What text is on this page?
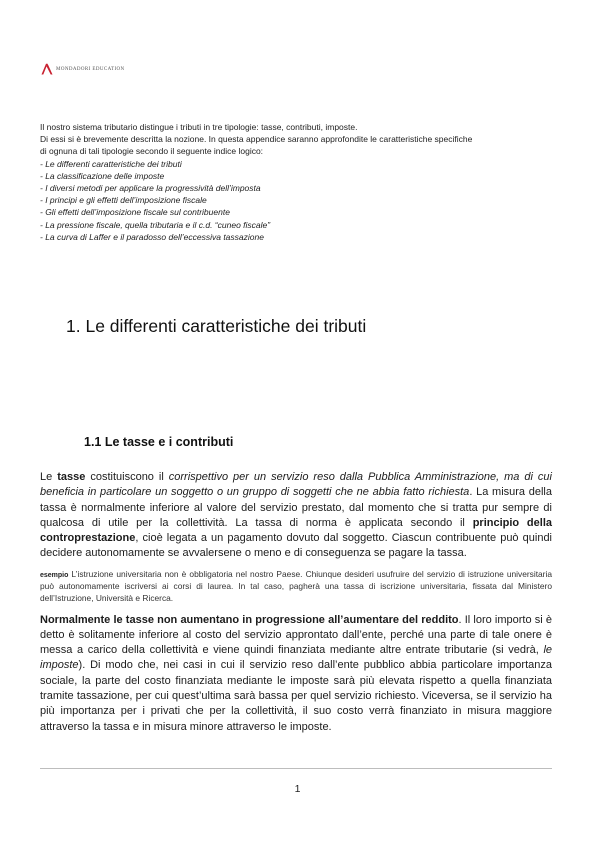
MONDADORI EDUCATION

Il nostro sistema tributario distingue i tributi in tre tipologie: tasse, contributi, imposte.

Di essi si è brevemente descritta la nozione. In questa appendice saranno approfondite le caratteristiche specifiche

di ognuna di tali tipologie secondo il seguente indice logico:

- Le differenti caratteristiche dei tributi
- La classificazione delle imposte
- I diversi metodi per applicare la progressività dell’imposta
- I principi e gli effetti dell’imposizione fiscale
- Gli effetti dell’imposizione fiscale sul contribuente
- La pressione fiscale, quella tributaria e il c.d. “cuneo fiscale”
- La curva di Laffer e il paradosso dell’eccessiva tassazione
1. Le differenti caratteristiche dei tributi
1.1 Le tasse e i contributi

Le tasse costituiscono il corrispettivo per un servizio reso dalla Pubblica Amministrazione, ma di cui beneficia in particolare un soggetto o un gruppo di soggetti che ne abbia fatto richiesta. La misura della tassa è normalmente inferiore al valore del servizio prestato, dal momento che si tratta pur sempre di qualcosa di utile per la collettività. La tassa di norma è applicata secondo il principio della controprestazione, cioè legata a un pagamento dovuto dal soggetto. Ciascun contribuente può quindi decidere autonomamente se avvalersene o meno e di conseguenza se pagare la tassa.

esempio L’istruzione universitaria non è obbligatoria nel nostro Paese. Chiunque desideri usufruire del servizio di istruzione universitaria può autonomamente iscriversi ai corsi di laurea. In tal caso, pagherà una tassa di iscrizione universitaria, fissata dal Ministero dell’Istruzione, Università e Ricerca.

Normalmente le tasse non aumentano in progressione all’aumentare del reddito. Il loro importo si è detto è solitamente inferiore al costo del servizio approntato dall’ente, perché una parte di tale onere è messa a carico della collettività e viene quindi finanziata mediante altre entrate tributarie (si vedrà, le imposte). Di modo che, nei casi in cui il servizio reso dall’ente pubblico abbia particolare importanza sociale, la parte del costo finanziata mediante le imposte sarà più elevata rispetto a quella finanziata tramite tassazione, per cui quest’ultima sarà bassa per quel servizio richiesto. Viceversa, se il servizio ha più importanza per i privati che per la collettività, il suo costo verrà finanziato in misura maggiore attraverso la tassa e in misura minore attraverso le imposte.

1
